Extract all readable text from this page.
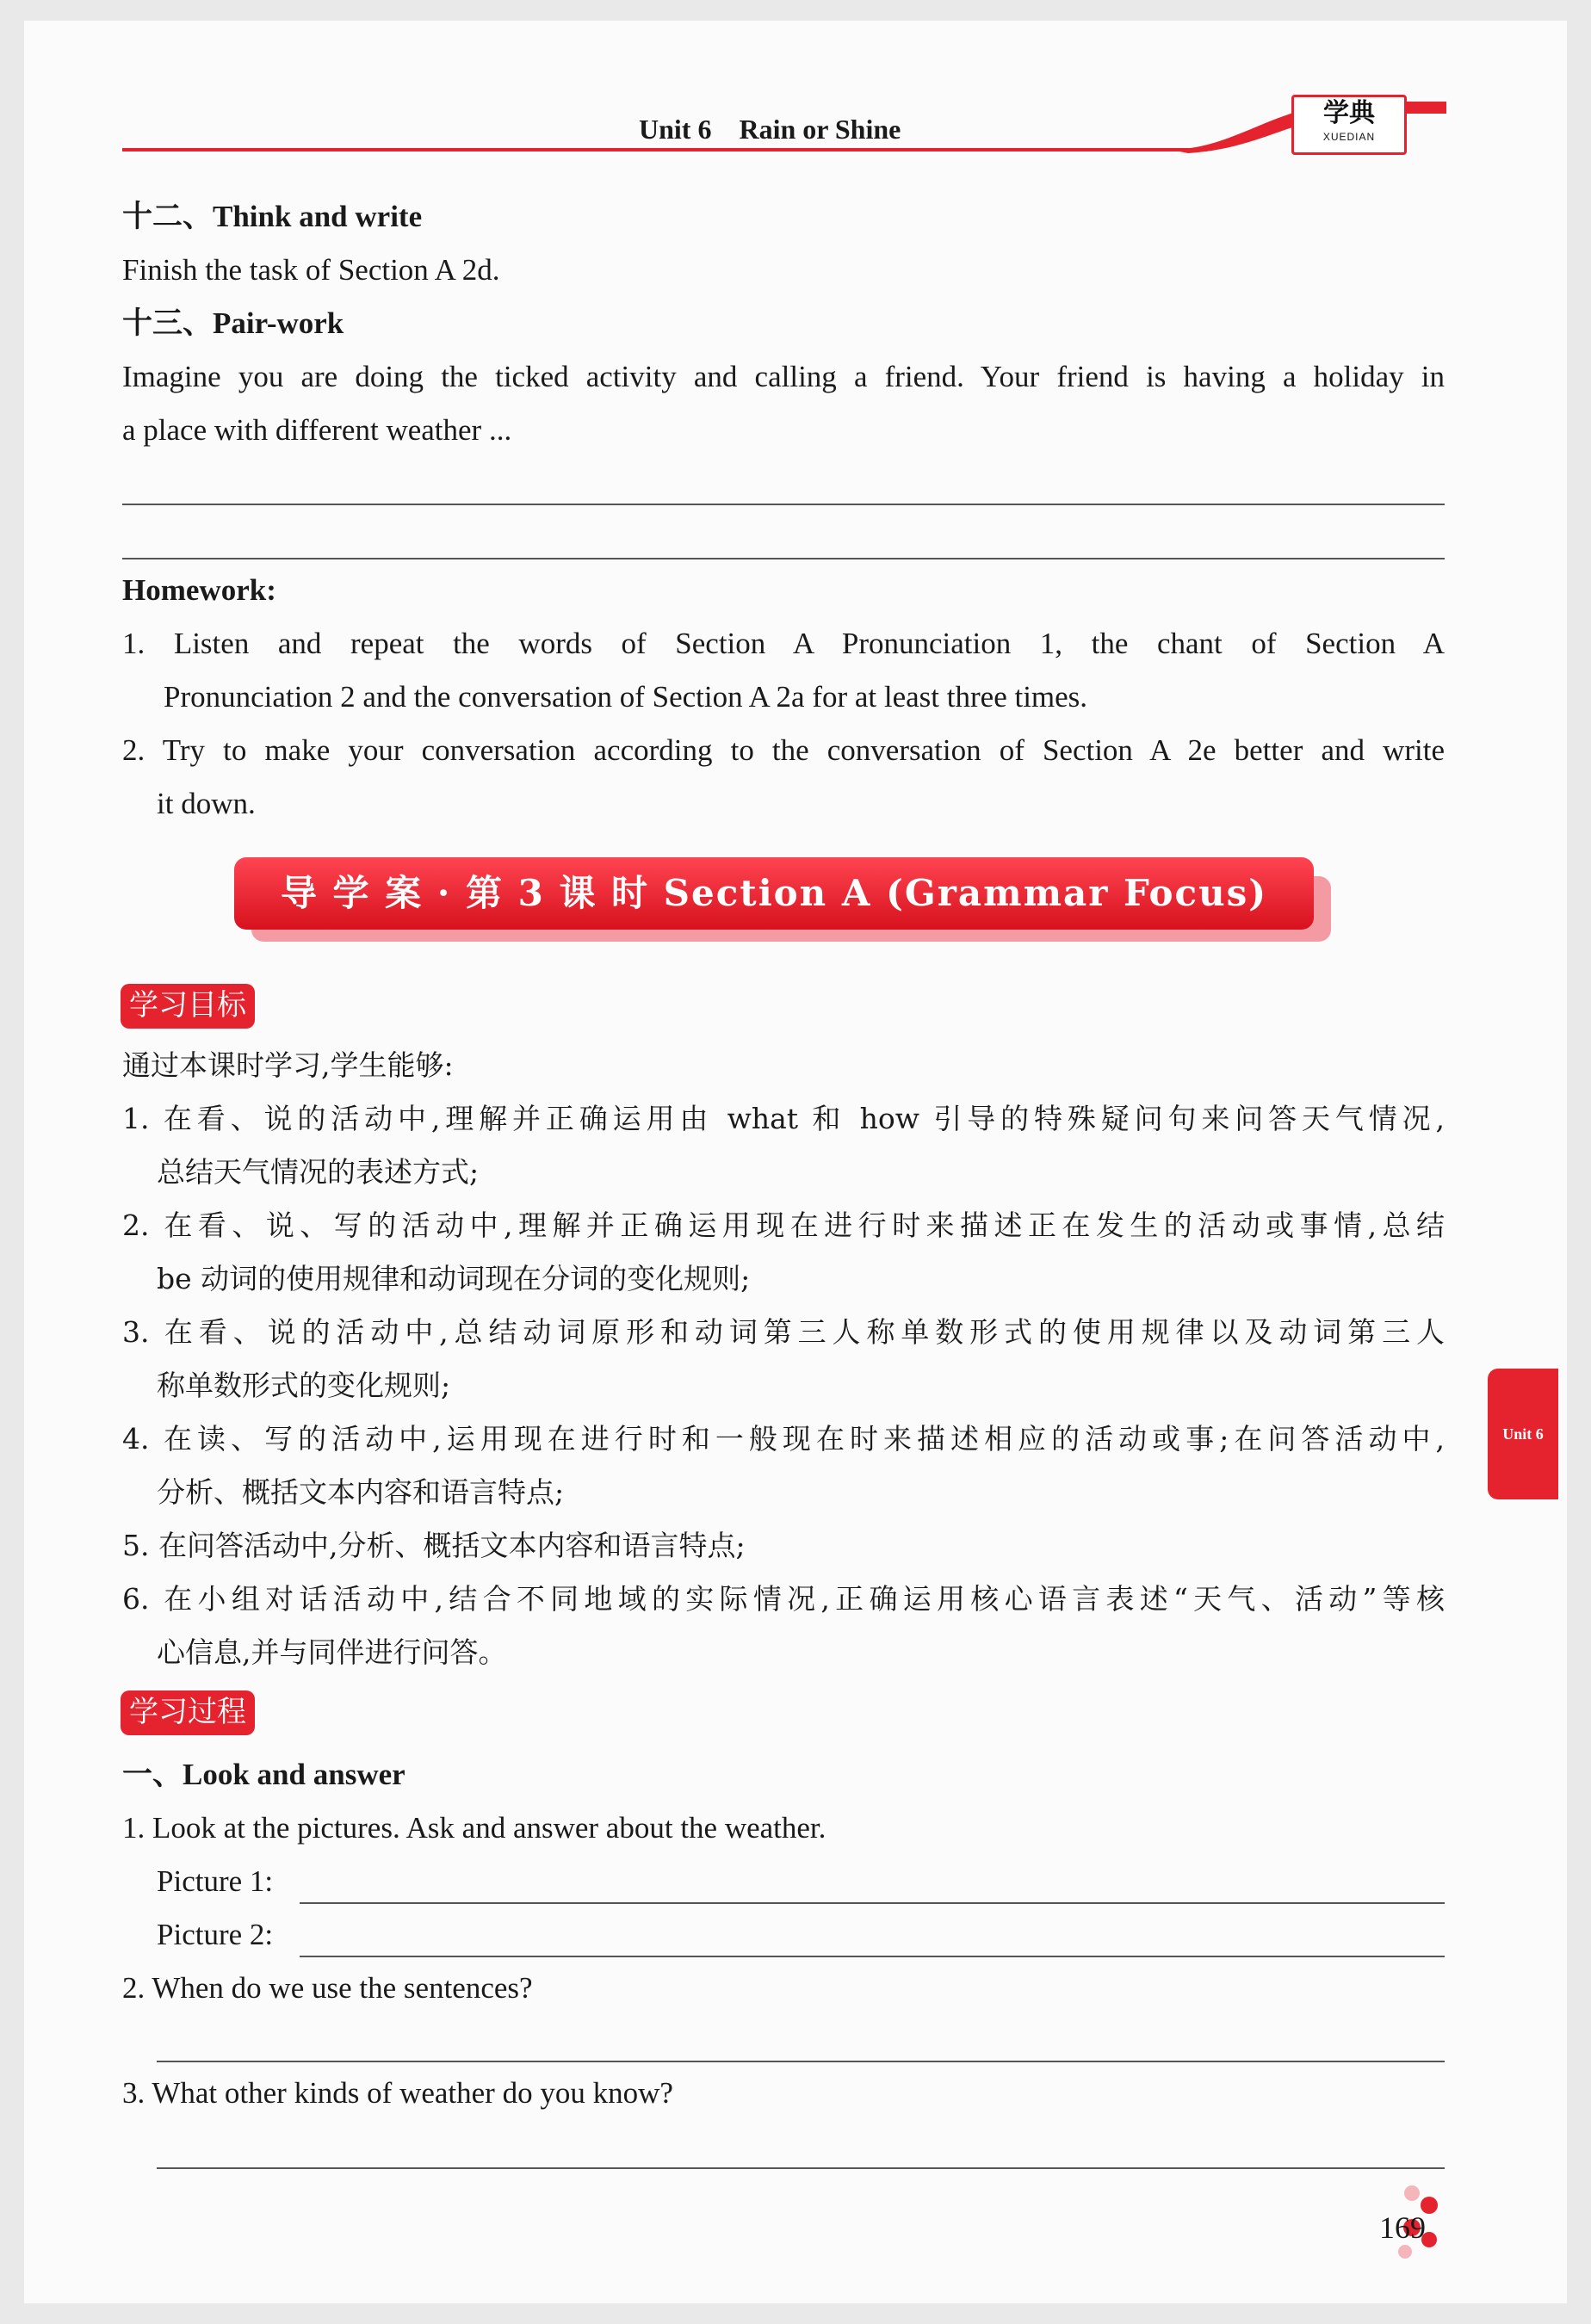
Unit 6    Rain or Shine
学典
XUEDIAN
十二、Think and write
Finish the task of Section A 2d.
十三、Pair-work
Imagine you are doing the ticked activity and calling a friend. Your friend is having a holiday in
a place with different weather ...
Homework:
1. Listen and repeat the words of Section A Pronunciation 1, the chant of Section A
Pronunciation 2 and the conversation of Section A 2a for at least three times.
2. Try to make your conversation according to the conversation of Section A 2e better and write
it down.
导 学 案 · 第 3 课 时 Section A (Grammar Focus)
学习目标
通过本课时学习,学生能够:
1. 在看、说的活动中,理解并正确运用由 what 和 how 引导的特殊疑问句来问答天气情况,
总结天气情况的表述方式;
2. 在看、说、写的活动中,理解并正确运用现在进行时来描述正在发生的活动或事情,总结
be 动词的使用规律和动词现在分词的变化规则;
3. 在看、说的活动中,总结动词原形和动词第三人称单数形式的使用规律以及动词第三人
称单数形式的变化规则;
4. 在读、写的活动中,运用现在进行时和一般现在时来描述相应的活动或事;在问答活动中,
分析、概括文本内容和语言特点;
5. 在问答活动中,分析、概括文本内容和语言特点;
6. 在小组对话活动中,结合不同地域的实际情况,正确运用核心语言表述“天气、活动”等核
心信息,并与同伴进行问答。
学习过程
一、Look and answer
1. Look at the pictures. Ask and answer about the weather.
Picture 1:
Picture 2:
2. When do we use the sentences?
3. What other kinds of weather do you know?
Unit 6
169
